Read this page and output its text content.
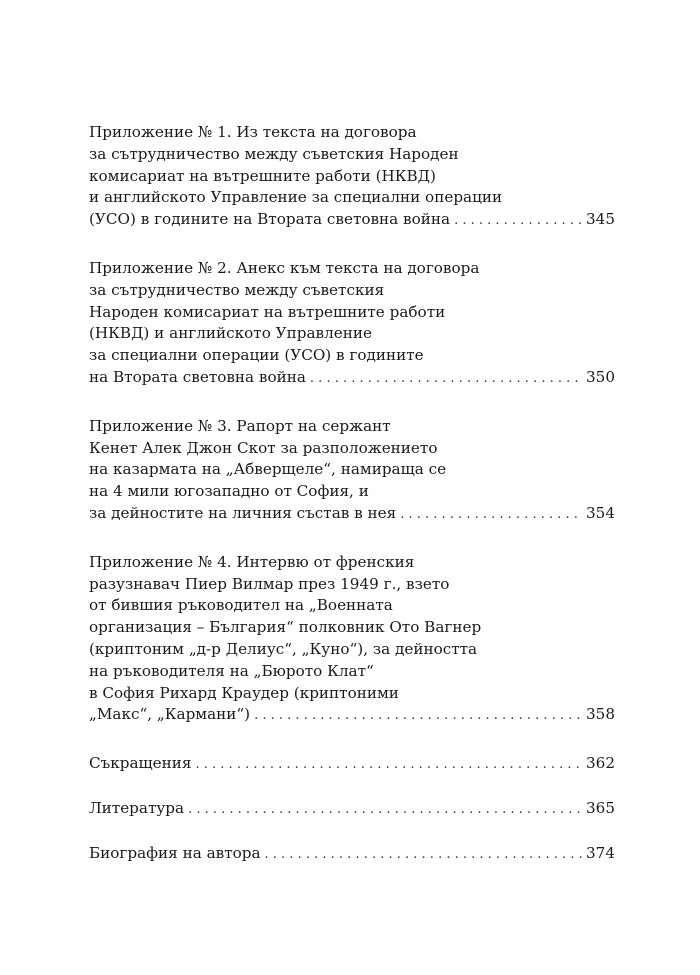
Приложение № 1. Из текста на договора
за сътрудничество между съветския Народен
комисариат на вътрешните работи (НКВД)
и английското Управление за специални операции
(УСО) в годините на Втората световна война . . .	345
Приложение № 2. Анекс към текста на договора
за сътрудничество между съветския
Народен комисариат на вътрешните работи
(НКВД) и английското Управление
за специални операции (УСО) в годините
на Втората световна война . . .	350
Приложение № 3. Рапорт на сержант
Кенет Алек Джон Скот за разположението
на казармата на „Абверщеле“, намираща се
на 4 мили югозападно от София, и
за дейностите на личния състав в нея . . .	354
Приложение № 4. Интервю от френския
разузнавач Пиер Вилмар през 1949 г., взето
от бившия ръководител на „Военната
организация – България“ полковник Ото Вагнер
(криптоним „д-р Делиус“, „Куно“), за дейността
на ръководителя на „Бюрото Клат“
в София Рихард Краудер (криптоними
„Макс“, „Кармани“) . . .	358
Съкращения . . .	362
Литература . . .	365
Биография на автора . . .	374
